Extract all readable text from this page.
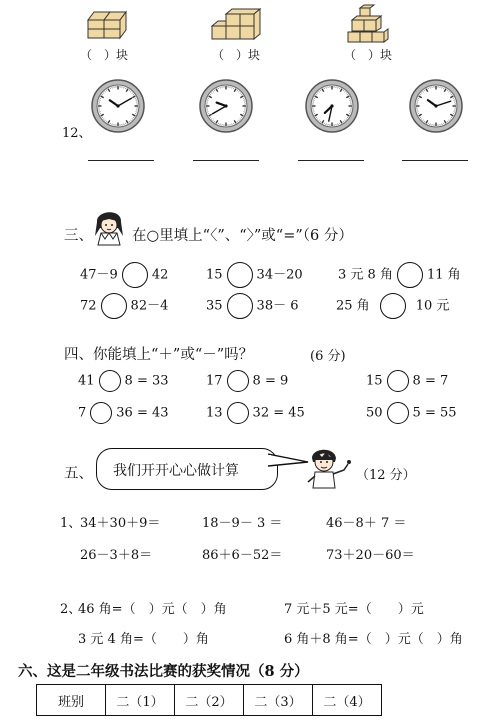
（　）块	（　）块	（　）块
12、
三、	在○里填上“〈”、“〉”或“=”（6 分）
47－9	42	15	34－20	3 元 8 角	11 角
72	82－4	35	38－ 6	25 角	10 元
四、你能填上“＋”或“－”吗？	(6 分)
41 8 = 33	17 8 = 9	15 8 = 7
7 36 = 43	13 32 = 45	50 5 = 55
五、 我们开开心心做计算	（12 分）
1、
34＋30＋9＝	18－9－ 3 ＝	46－8＋ 7 ＝
26－3＋8＝	86＋6－52＝	73＋20－60＝
2、
46 角=（　）元（　）角	7 元＋5 元=（　　）元
3 元 4 角=（　　）角	6 角＋8 角=（　）元（　）角
六、这是二年级书法比赛的获奖情况（8 分）
班别	二（1）	二（2）	二（3）	二（4）
